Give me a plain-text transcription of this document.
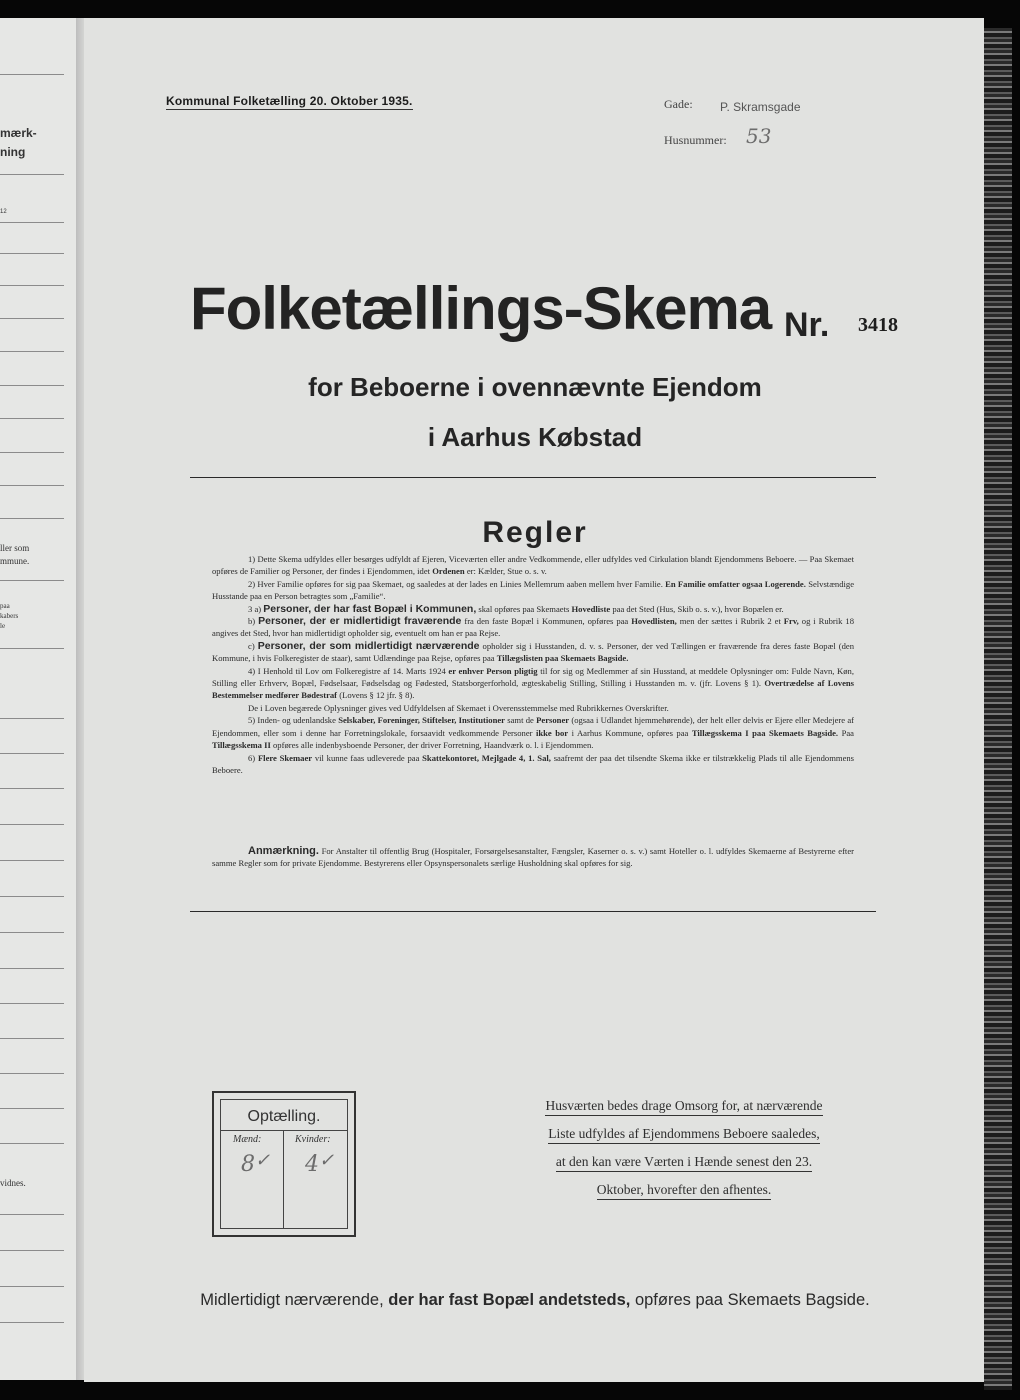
mærk-
ning
12
ller som
mmune.
paa
kabers
le
vidnes.
Kommunal Folketælling 20. Oktober 1935.	Gade: P. Skramsgade
Husnummer: 53
Folketællings-Skema Nr. 3418
for Beboerne i ovennævnte Ejendom
i Aarhus Købstad
Regler

1) Dette Skema udfyldes eller besørges udfyldt af Ejeren, Viceværten eller andre Vedkommende, eller udfyldes ved Cirkulation blandt Ejendommens Beboere. — Paa Skemaet opføres de Familier og Personer, der findes i Ejendommen, idet Ordenen er: Kælder, Stue o. s. v.

2) Hver Familie opføres for sig paa Skemaet, og saaledes at der lades en Linies Mellemrum aaben mellem hver Familie. En Familie omfatter ogsaa Logerende. Selvstændige Husstande paa en Person betragtes som „Familie“.

3 a) Personer, der har fast Bopæl i Kommunen, skal opføres paa Skemaets Hovedliste paa det Sted (Hus, Skib o. s. v.), hvor Bopælen er.

b) Personer, der er midlertidigt fraværende fra den faste Bopæl i Kommunen, opføres paa Hovedlisten, men der sættes i Rubrik 2 et Frv, og i Rubrik 18 angives det Sted, hvor han midlertidigt opholder sig, eventuelt om han er paa Rejse.

c) Personer, der som midlertidigt nærværende opholder sig i Husstanden, d. v. s. Personer, der ved Tællingen er fraværende fra deres faste Bopæl (den Kommune, i hvis Folkeregister de staar), samt Udlændinge paa Rejse, opføres paa Tillægslisten paa Skemaets Bagside.

4) I Henhold til Lov om Folkeregistre af 14. Marts 1924 er enhver Person pligtig til for sig og Medlemmer af sin Husstand, at meddele Oplysninger om: Fulde Navn, Køn, Stilling eller Erhverv, Bopæl, Fødselsaar, Fødselsdag og Fødested, Statsborgerforhold, ægteskabelig Stilling, Stilling i Husstanden m. v. (jfr. Lovens § 1). Overtrædelse af Lovens Bestemmelser medfører Bødestraf (Lovens § 12 jfr. § 8).

De i Loven begærede Oplysninger gives ved Udfyldelsen af Skemaet i Overensstemmelse med Rubrikkernes Overskrifter.

5) Inden- og udenlandske Selskaber, Foreninger, Stiftelser, Institutioner samt de Personer (ogsaa i Udlandet hjemmehørende), der helt eller delvis er Ejere eller Medejere af Ejendommen, eller som i denne har Forretningslokale, forsaavidt vedkommende Personer ikke bor i Aarhus Kommune, opføres paa Tillægsskema I paa Skemaets Bagside. Paa Tillægsskema II opføres alle indenbysboende Personer, der driver Forretning, Haandværk o. l. i Ejendommen.

6) Flere Skemaer vil kunne faas udleverede paa Skattekontoret, Mejlgade 4, 1. Sal, saafremt der paa det tilsendte Skema ikke er tilstrækkelig Plads til alle Ejendommens Beboere.

Anmærkning. For Anstalter til offentlig Brug (Hospitaler, Forsørgelsesanstalter, Fængsler, Kaserner o. s. v.) samt Hoteller o. l. udfyldes Skemaerne af Bestyrerne efter samme Regler som for private Ejendomme. Bestyrerens eller Opsynspersonalets særlige Husholdning skal opføres for sig.
Optælling.
Mænd:	Kvinder:
8 ✓ 4 ✓
Husværten bedes drage Omsorg for, at nærværende
Liste udfyldes af Ejendommens Beboere saaledes,
at den kan være Værten i Hænde senest den 23.
Oktober, hvorefter den afhentes.
Midlertidigt nærværende, der har fast Bopæl andetsteds, opføres paa Skemaets Bagside.
